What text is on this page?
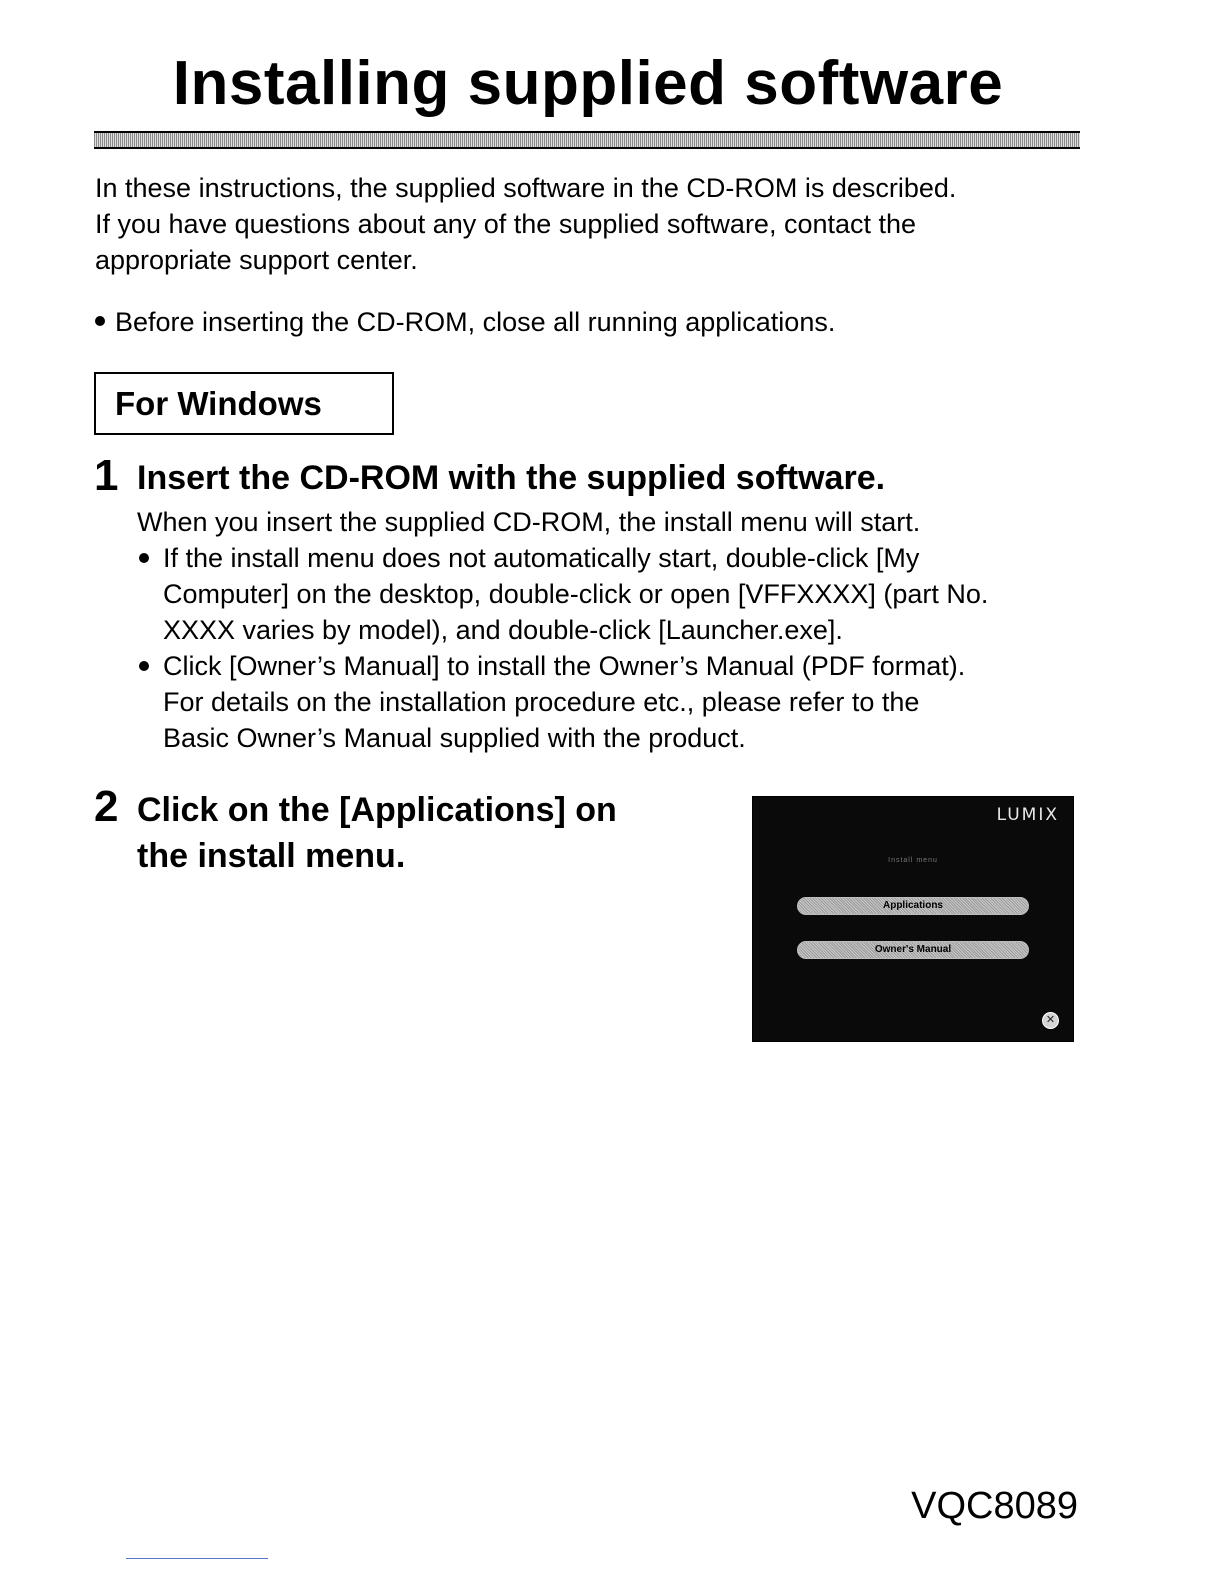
Installing supplied software

In these instructions, the supplied software in the CD-ROM is described.

If you have questions about any of the supplied software, contact the

appropriate support center.

Before inserting the CD-ROM, close all running applications.

For Windows
1 Insert the CD-ROM with the supplied software.

When you insert the supplied CD-ROM, the install menu will start.

If the install menu does not automatically start, double-click [My
Computer] on the desktop, double-click or open [VFFXXXX] (part No.
XXXX varies by model), and double-click [Launcher.exe].
Click [Owner’s Manual] to install the Owner’s Manual (PDF format).
For details on the installation procedure etc., please refer to the
Basic Owner’s Manual supplied with the product.
2 Click on the [Applications] on
the install menu.
LUMIX
Install menu
Applications
Owner's Manual
✕

VQC8089
